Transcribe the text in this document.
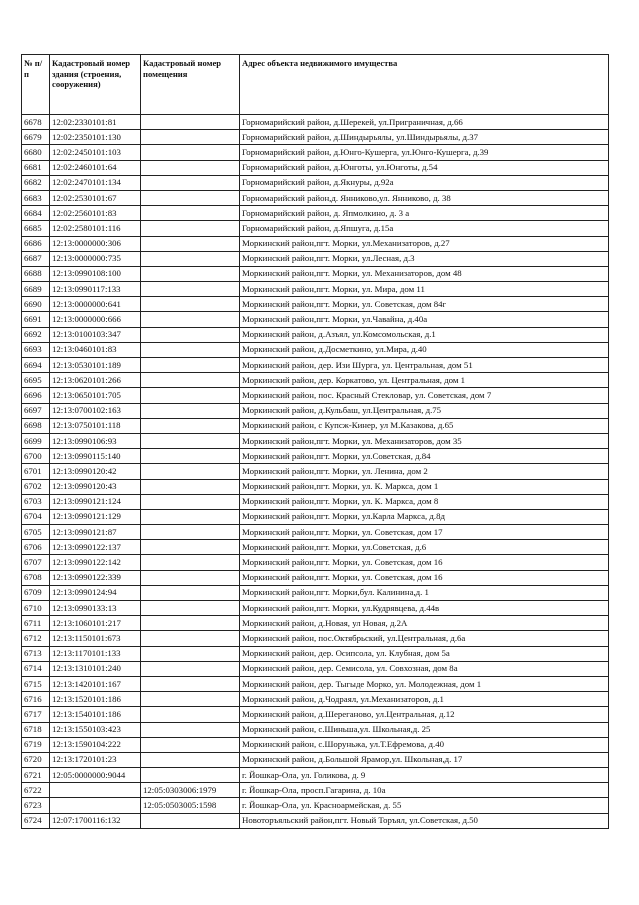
№ п/п	Кадастровый номер здания (строения, сооружения)	Кадастровый номер помещения	Адрес объекта недвижимого имущества
6678	12:02:2330101:81		Горномарийский район, д.Шерекей, ул.Приграничная, д.66
6679	12:02:2350101:130		Горномарийский район, д.Шиндырьялы, ул.Шиндырьялы, д.37
6680	12:02:2450101:103		Горномарийский район, д.Юнго-Кушерга, ул.Юнго-Кушерга, д.39
6681	12:02:2460101:64		Горномарийский район, д.Юнготы, ул.Юнготы, д.54
6682	12:02:2470101:134		Горномарийский район, д.Якнуры, д.92а
6683	12:02:2530101:67		Горномарийский район,д. Янниково,ул. Янниково, д. 38
6684	12:02:2560101:83		Горномарийский район, д. Япмолкино, д. 3 а
6685	12:02:2580101:116		Горномарийский район, д.Япшуга, д.15а
6686	12:13:0000000:306		Моркинский район,пгт. Морки, ул.Механизаторов, д.27
6687	12:13:0000000:735		Моркинский район,пгт. Морки, ул.Лесная, д.3
6688	12:13:0990108:100		Моркинский район,пгт. Морки, ул. Механизаторов, дом 48
6689	12:13:0990117:133		Моркинский район,пгт. Морки, ул. Мира, дом 11
6690	12:13:0000000:641		Моркинский район,пгт. Морки, ул. Советская, дом 84г
6691	12:13:0000000:666		Моркинский район,пгт. Морки, ул.Чавайна, д.40а
6692	12:13:0100103:347		Моркинский район, д.Азъял, ул.Комсомольская, д.1
6693	12:13:0460101:83		Моркинский район, д.Досметкино, ул.Мира, д.40
6694	12:13:0530101:189		Моркинский район, дер. Изи Шурга, ул. Центральная, дом 51
6695	12:13:0620101:266		Моркинский район, дер. Коркатово, ул. Центральная, дом 1
6696	12:13:0650101:705		Моркинский район, пос. Красный Стекловар, ул. Советская, дом 7
6697	12:13:0700102:163		Моркинский район, д.Кульбаш, ул.Центральная, д.75
6698	12:13:0750101:118		Моркинский район, с Купсж-Кинер, ул М.Казакова, д.65
6699	12:13:0990106:93		Моркинский район,пгт. Морки, ул. Механизаторов, дом 35
6700	12:13:0990115:140		Моркинский район,пгт. Морки, ул.Советская, д.84
6701	12:13:0990120:42		Моркинский район,пгт. Морки, ул. Ленина, дом 2
6702	12:13:0990120:43		Моркинский район,пгт. Морки, ул. К. Маркса, дом 1
6703	12:13:0990121:124		Моркинский район,пгт. Морки, ул. К. Маркса, дом 8
6704	12:13:0990121:129		Моркинский район,пгт. Морки, ул.Карла Маркса, д.8д
6705	12:13:0990121:87		Моркинский район,пгт. Морки, ул. Советская, дом 17
6706	12:13:0990122:137		Моркинский район,пгт. Морки, ул.Советская, д.6
6707	12:13:0990122:142		Моркинский район,пгт. Морки, ул. Советская, дом 16
6708	12:13:0990122:339		Моркинский район,пгт. Морки, ул. Советская, дом 16
6709	12:13:0990124:94		Моркинский район,пгт. Морки,бул. Калинина,д. 1
6710	12:13:0990133:13		Моркинский район,пгт. Морки, ул.Кудрявцева, д.44в
6711	12:13:1060101:217		Моркинский район, д.Новая, ул Новая, д.2А
6712	12:13:1150101:673		Моркинский район, пос.Октябрьский, ул.Центральная, д.6а
6713	12:13:1170101:133		Моркинский район, дер. Осипсола, ул. Клубная, дом 5а
6714	12:13:1310101:240		Моркинский район, дер. Семисола, ул. Совхозная, дом 8а
6715	12:13:1420101:167		Моркинский район, дер. Тыгыде Морко, ул. Молодежная, дом 1
6716	12:13:1520101:186		Моркинский район, д.Чодраял, ул.Механизаторов, д.1
6717	12:13:1540101:186		Моркинский район, д.Шереганово, ул.Центральная, д.12
6718	12:13:1550103:423		Моркинский район, с.Шиньша,ул. Школьная,д. 25
6719	12:13:1590104:222		Моркинский район, с.Шоруньжа, ул.Т.Ефремова, д.40
6720	12:13:1720101:23		Моркинский район, д.Большой Ярамор,ул. Школьная,д. 17
6721	12:05:0000000:9044		г. Йошкар-Ола, ул. Голикова, д. 9
6722		12:05:0303006:1979	г. Йошкар-Ола, просп.Гагарина, д. 10а
6723		12:05:0503005:1598	г. Йошкар-Ола, ул. Красноармейская, д. 55
6724	12:07:1700116:132		Новоторъяльский район,пгт. Новый Торъял, ул.Советская, д.50
